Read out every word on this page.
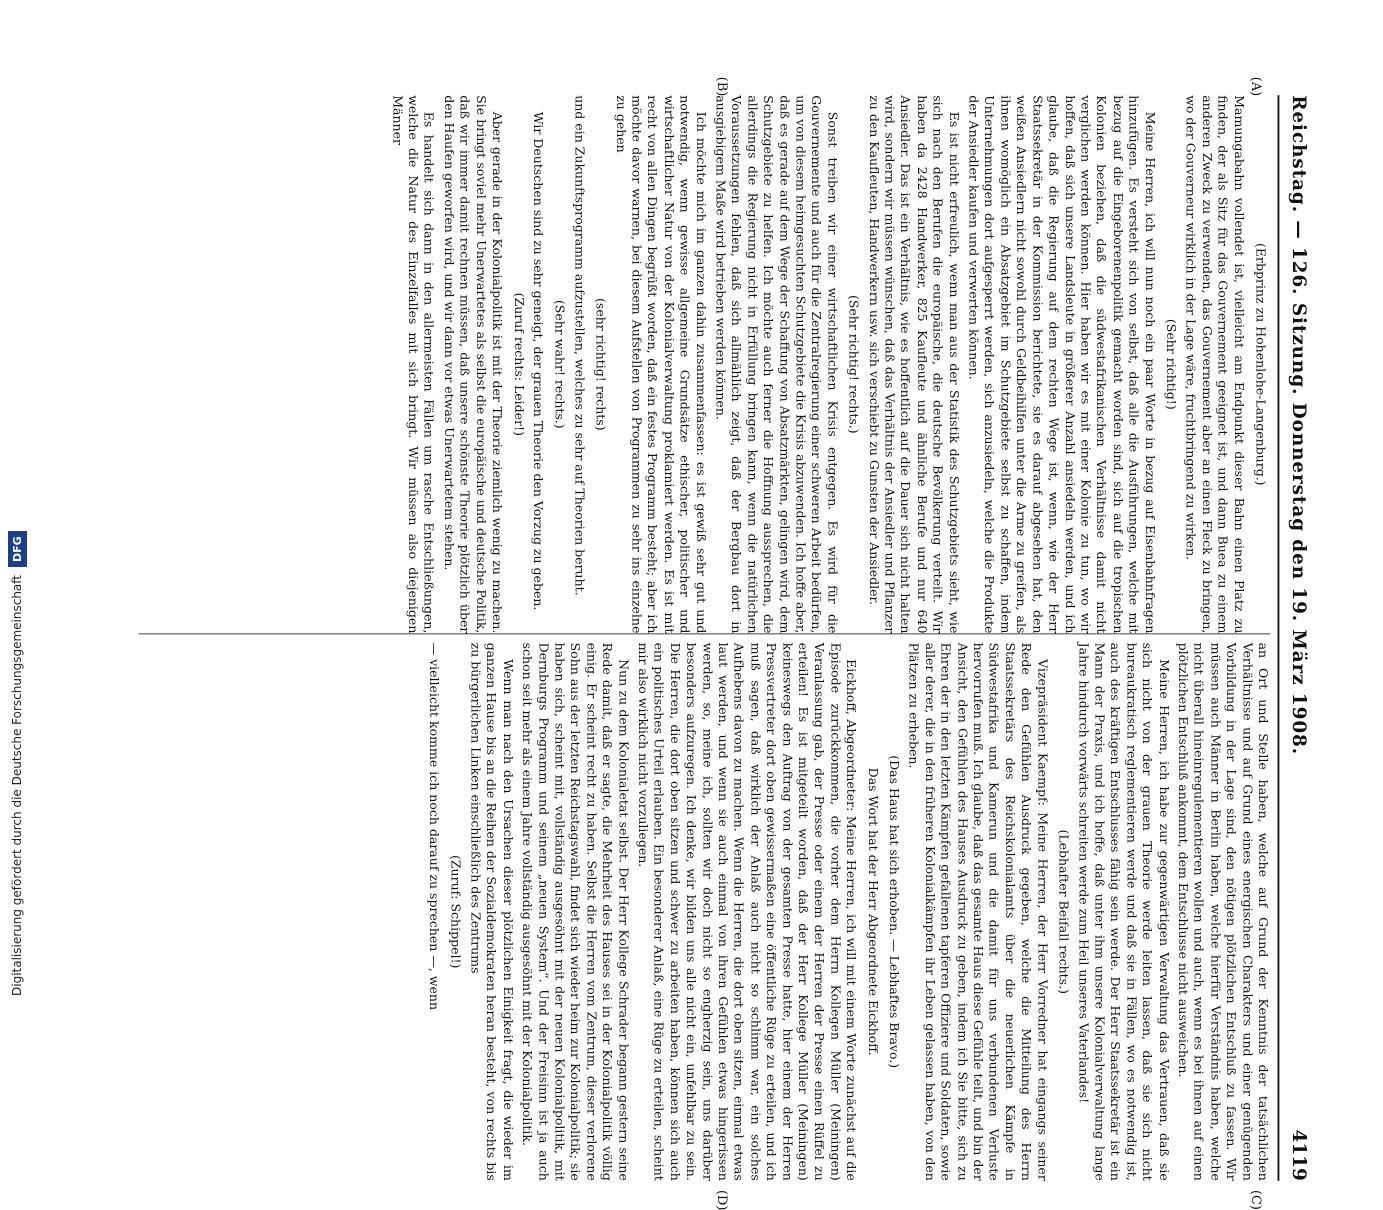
Reichstag. — 126. Sitzung. Donnerstag den 19. März 1908.
4119
(A)
(B)
(C)
(D)

(Erbprinz zu Hohenlohe-Langenburg.)

Mamungabahn vollendet ist, vielleicht am Endpunkt dieser Bahn einen Platz zu finden, der als Sitz für das Gouvernement geeignet ist, und dann Buea zu einem anderen Zweck zu verwenden, das Gouvernement aber an einen Fleck zu bringen, wo der Gouverneur wirklich in der Lage wäre, fruchtbringend zu wirken.

(Sehr richtig!)

Meine Herren, ich will nun noch ein paar Worte in bezug auf Eisenbahnfragen hinzufügen. Es versteht sich von selbst, daß alle die Ausführungen, welche mit bezug auf die Eingeborenenpolitik gemacht worden sind, sich auf die tropischen Kolonien beziehen, daß die südwestafrikanischen Verhältnisse damit nicht verglichen werden können. Hier haben wir es mit einer Kolonie zu tun, wo wir hoffen, daß sich unsere Landsleute in größerer Anzahl ansiedeln werden, und ich glaube, daß die Regierung auf dem rechten Wege ist, wenn, wie der Herr Staatssekretär in der Kommission berichtete, sie es darauf abgesehen hat, den weißen Ansiedlern nicht sowohl durch Geldbeihilfen unter die Arme zu greifen, als ihnen womöglich ein Absatzgebiet im Schutzgebiete selbst zu schaffen, indem Unternehmungen dort aufgesperrt werden, sich anzusiedeln, welche die Produkte der Ansiedler kaufen und verwerten können.

Es ist nicht erfreulich, wenn man aus der Statistik des Schutzgebiets sieht, wie sich nach den Berufen die europäische, die deutsche Bevölkerung verteilt. Wir haben da 2428 Handwerker, 825 Kaufleute und ähnliche Berufe und nur 640 Ansiedler. Das ist ein Verhältnis, wie es hoffentlich auf die Dauer sich nicht halten wird, sondern wir müssen wünschen, daß das Verhältnis der Ansiedler und Pflanzer zu den Kaufleuten, Handwerkern usw. sich verschiebt zu Gunsten der Ansiedler.

(Sehr richtig! rechts.)

Sonst treiben wir einer wirtschaftlichen Krisis entgegen. Es wird für die Gouvernemente und auch für die Zentralregierung einer schweren Arbeit bedürfen, um von diesem heimgesuchten Schutzgebiete die Krisis abzuwenden. Ich hoffe aber, daß es gerade auf dem Wege der Schaffung von Absatzmärkten, gelingen wird, dem Schutzgebiete zu helfen. Ich möchte auch ferner die Hoffnung aussprechen, die allerdings die Regierung nicht in Erfüllung bringen kann, wenn die natürlichen Voraussetzungen fehlen, daß sich allmählich zeigt, daß der Bergbau dort in ausgiebigem Maße wird betrieben werden können.

Ich möchte mich im ganzen dahin zusammenfassen: es ist gewiß sehr gut und notwendig, wenn gewisse allgemeine Grundsätze ethischer, politischer und wirtschaftlicher Natur von der Kolonialverwaltung proklamiert werden. Es ist mit recht von allen Dingen begrüßt worden, daß ein festes Programm besteht; aber ich möchte davor warnen, bei diesem Aufstellen von Programmen zu sehr ins einzelne zu gehen

(sehr richtig! rechts)

und ein Zukunftsprogramm aufzustellen, welches zu sehr auf Theorien beruht.

(Sehr wahr! rechts.)

Wir Deutschen sind zu sehr geneigt, der grauen Theorie den Vorzug zu geben.

(Zuruf rechts: Leider!)

Aber gerade in der Kolonialpolitik ist mit der Theorie ziemlich wenig zu machen. Sie bringt soviel mehr Unerwartetes als selbst die europäische und deutsche Politik, daß wir immer damit rechnen müssen, daß unsere schönste Theorie plötzlich über den Haufen geworfen wird, und wir dann vor etwas Unerwartetem stehen.

Es handelt sich dann in den allermeisten Fällen um rasche Entschließungen, welche die Natur des Einzelfalles mit sich bringt. Wir müssen also diejenigen Männer

an Ort und Stelle haben, welche auf Grund der Kenntnis der tatsächlichen Verhältnisse und auf Grund eines energischen Charakters und einer genügenden Vorbildung in der Lage sind, den nötigen plötzlichen Entschluß zu fassen. Wir müssen auch Männer in Berlin haben, welche hierfür Verständnis haben, welche nicht überall hineinregulementieren wollen und auch, wenn es bei ihnen auf einen plötzlichen Entschluß ankommt, dem Entschlusse nicht ausweichen.

Meine Herren, ich habe zur gegenwärtigen Verwaltung das Vertrauen, daß sie sich nicht von der grauen Theorie werde leiten lassen, daß sie sich nicht bureaukratisch reglementieren werde und daß sie in Fällen, wo es notwendig ist, auch des kräftigen Entschlusses fähig sein werde. Der Herr Staatssekretär ist ein Mann der Praxis, und ich hoffe, daß unter ihm unsere Kolonialverwaltung lange Jahre hindurch vorwärts schreiten werde zum Heil unseres Vaterlandes!

(Lebhafter Beifall rechts.)

Vizepräsident Kaempf: Meine Herren, der Herr Vorredner hat eingangs seiner Rede den Gefühlen Ausdruck gegeben, welche die Mitteilung des Herrn Staatssekretärs des Reichskolonialamts über die neuerlichen Kämpfe in Südwestafrika und Kamerun und die damit für uns verbundenen Verluste hervorrufen muß. Ich glaube, daß das gesamte Haus diese Gefühle teilt, und bin der Ansicht, den Gefühlen des Hauses Ausdruck zu geben, indem ich Sie bitte, sich zu Ehren der in den letzten Kämpfen gefallenen tapferen Offiziere und Soldaten, sowie aller derer, die in den früheren Kolonialkämpfen ihr Leben gelassen haben, von den Plätzen zu erheben.

(Das Haus hat sich erhoben. — Lebhaftes Bravo.)

Das Wort hat der Herr Abgeordnete Eickhoff.

Eickhoff, Abgeordneter: Meine Herren, ich will mit einem Worte zunächst auf die Episode zurückkommen, die vorher dem Herrn Kollegen Müller (Meiningen) Veranlassung gab, der Presse oder einem der Herren der Presse einen Rüffel zu erteilen! Es ist mitgeteilt worden, daß der Herr Kollege Müller (Meiningen) keineswegs den Auftrag von der gesamten Presse hatte, hier einem der Herren Pressvertreter dort oben gewissermaßen eine öffentliche Rüge zu erteilen, und ich muß sagen, daß wirklich der Anlaß auch nicht so schlimm war, ein solches Aufhebens davon zu machen. Wenn die Herren, die dort oben sitzen, einmal etwas laut werden, und wenn sie auch einmal von ihren Gefühlen etwas hingerissen werden, so, meine ich, sollten wir doch nicht so engherzig sein, uns darüber besonders aufzuregen. Ich denke, wir bilden uns alle nicht ein, unfehlbar zu sein. Die Herren, die dort oben sitzen und schwer zu arbeiten haben, können sich auch ein politisches Urteil erlauben. Ein besonderer Anlaß, eine Rüge zu erteilen, scheint mir also wirklich nicht vorzuliegen.

Nun zu dem Kolonialetat selbst. Der Herr Kollege Schrader begann gestern seine Rede damit, daß er sagte, die Mehrheit des Hauses sei in der Kolonialpolitik völlig einig. Er scheint recht zu haben. Selbst die Herren vom Zentrum, dieser verlorene Sohn aus der letzten Reichstagswahl, findet sich wieder heim zur Kolonialpolitik; sie haben sich, scheint mit, vollständig ausgesöhnt mit der neuen Kolonialpolitik, mit Dernburgs Programm und seinem „neuen System“. Und der Freisinn ist ja auch schon seit mehr als einem Jahre vollständig ausgesöhnt mit der Kolonialpolitik.

Wenn man nach den Ursachen dieser plötzlichen Einigkeit fragt, die wieder im ganzen Hause bis an die Reihen der Sozialdemokraten heran besteht, von rechts bis zu bürgerlichen Linken einschließlich des Zentrums

(Zuruf: Schippel!)

— vielleicht komme ich noch darauf zu sprechen —, wenn

Digitalisierung gefördert durch die Deutsche Forschungsgemeinschaft
DFG
